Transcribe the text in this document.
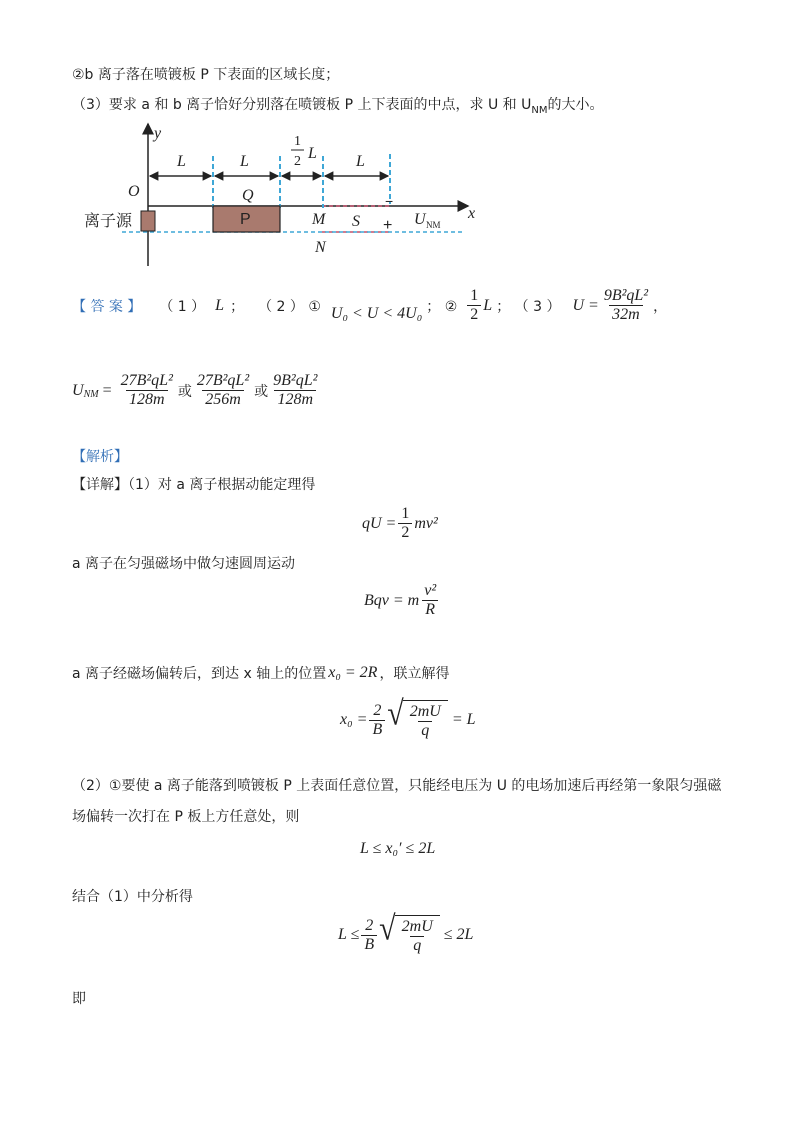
②b 离子落在喷镀板 P 下表面的区域长度；
（3）要求 a 和 b 离子恰好分别落在喷镀板 P 上下表面的中点，求 U 和 $U_{NM}$的大小。
y
x
O
L	L
1
2 L L
Q
P	M S
N
离子源
−
+ U NM
【 答 案 】 （ 1 ） L ； （ 2 ） ① U₀ < U < 4U₀ ； ② $\frac{1}{2}$ L ； （ 3 ） $U = \frac{\text{9B²qL²}}{32m}$ ，
$U_{NM} = \frac{\text{27B²qL²}}{128m}$ 或 $\frac{\text{27B²qL²}}{256m}$ 或 $\frac{\text{9B²qL²}}{128m}$
【解析】
【详解】（1）对 a 离子根据动能定理得
qU = $\frac{1}{2} mv^2$
a 离子在匀强磁场中做匀速圆周运动
Bqv = m $\frac{\text{v²}}{R}$
a 离子经磁场偏转后，到达 x 轴上的位置 x₀ = 2R ，联立解得
$x_0 = \frac{2}{B}$ √ $\frac{2mU}{q} = L$
（2）①要使 a 离子能落到喷镀板 P 上表面任意位置，只能经电压为 U 的电场加速后再经第一象限匀强磁
场偏转一次打在 P 板上方任意处，则
L ≤ x₀′ ≤ 2L
结合（1）中分析得
$L \le \frac{2}{B}$ √ $\frac{2mU}{q} \le 2L$
即
